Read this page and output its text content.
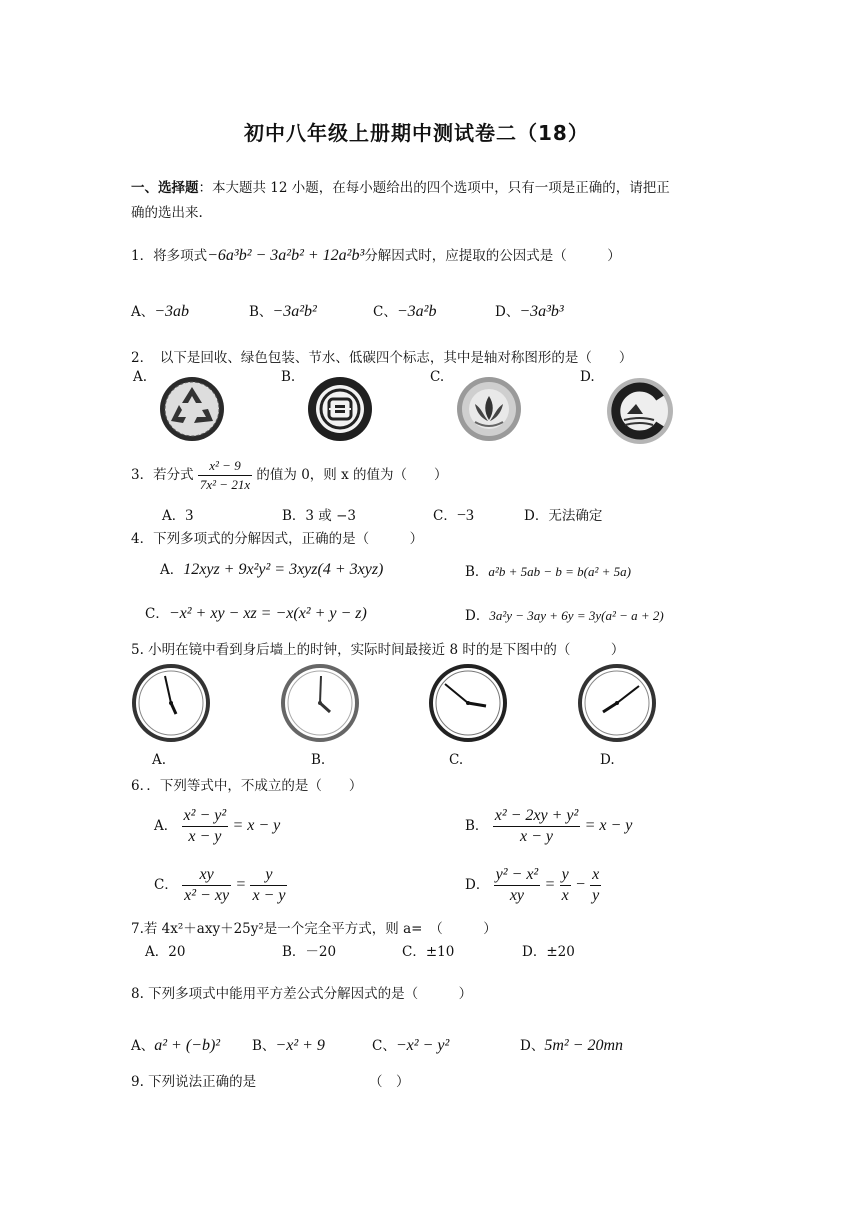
初中八年级上册期中测试卷二（18）
一、选择题：本大题共 12 小题，在每小题给出的四个选项中，只有一项是正确的，请把正
确的选出来.
1．将多项式−6a³b² − 3a²b² + 12a²b³分解因式时，应提取的公因式是（　　　）
A、−3ab	B、−3a²b²	C、−3a²b	D、−3a³b³
2．　以下是回收、绿色包装、节水、低碳四个标志，其中是轴对称图形的是（　　）
A.	B.	C.	D.
3．若分式 $\frac{\text{x² − 9}}{\text{7x² − 21x}}$ 的值为 0，则 x 的值为（　　）
A．3	B．3 或 −3	C．−3	D．无法确定
4．下列多项式的分解因式，正确的是（　　　）
A．12xyz + 9x²y² = 3xyz(4 + 3xyz)	B．a²b + 5ab − b = b(a² + 5a)
C．−x² + xy − xz = −x(x² + y − z)	D．3a²y − 3ay + 6y = 3y(a² − a + 2)
5. 小明在镜中看到身后墙上的时钟，实际时间最接近 8 时的是下图中的（　　　）
A.	B.	C.	D.
6．．下列等式中，不成立的是（　　）
A． $\frac{\text{x² − y²}}{x - y} = x - y$	B． $\frac{\text{x² − 2xy + y²}}{x - y} = x - y$
C． $\frac{xy}{\text{x² − xy}} = \frac{y}{x - y}$	D． $\frac{\text{y² − x²}}{xy} = \frac{y}{x} - \frac{x}{y}$
7.若 4x²＋axy＋25y²是一个完全平方式，则 a=　（　　　）
A．20	B．－20	C．±10	D．±20
8. 下列多项式中能用平方差公式分解因式的是（　　　）
A、a² + (−b)² B、−x² + 9	C、−x² − y²	D、5m² − 20mn
9. 下列说法正确的是	（　）
